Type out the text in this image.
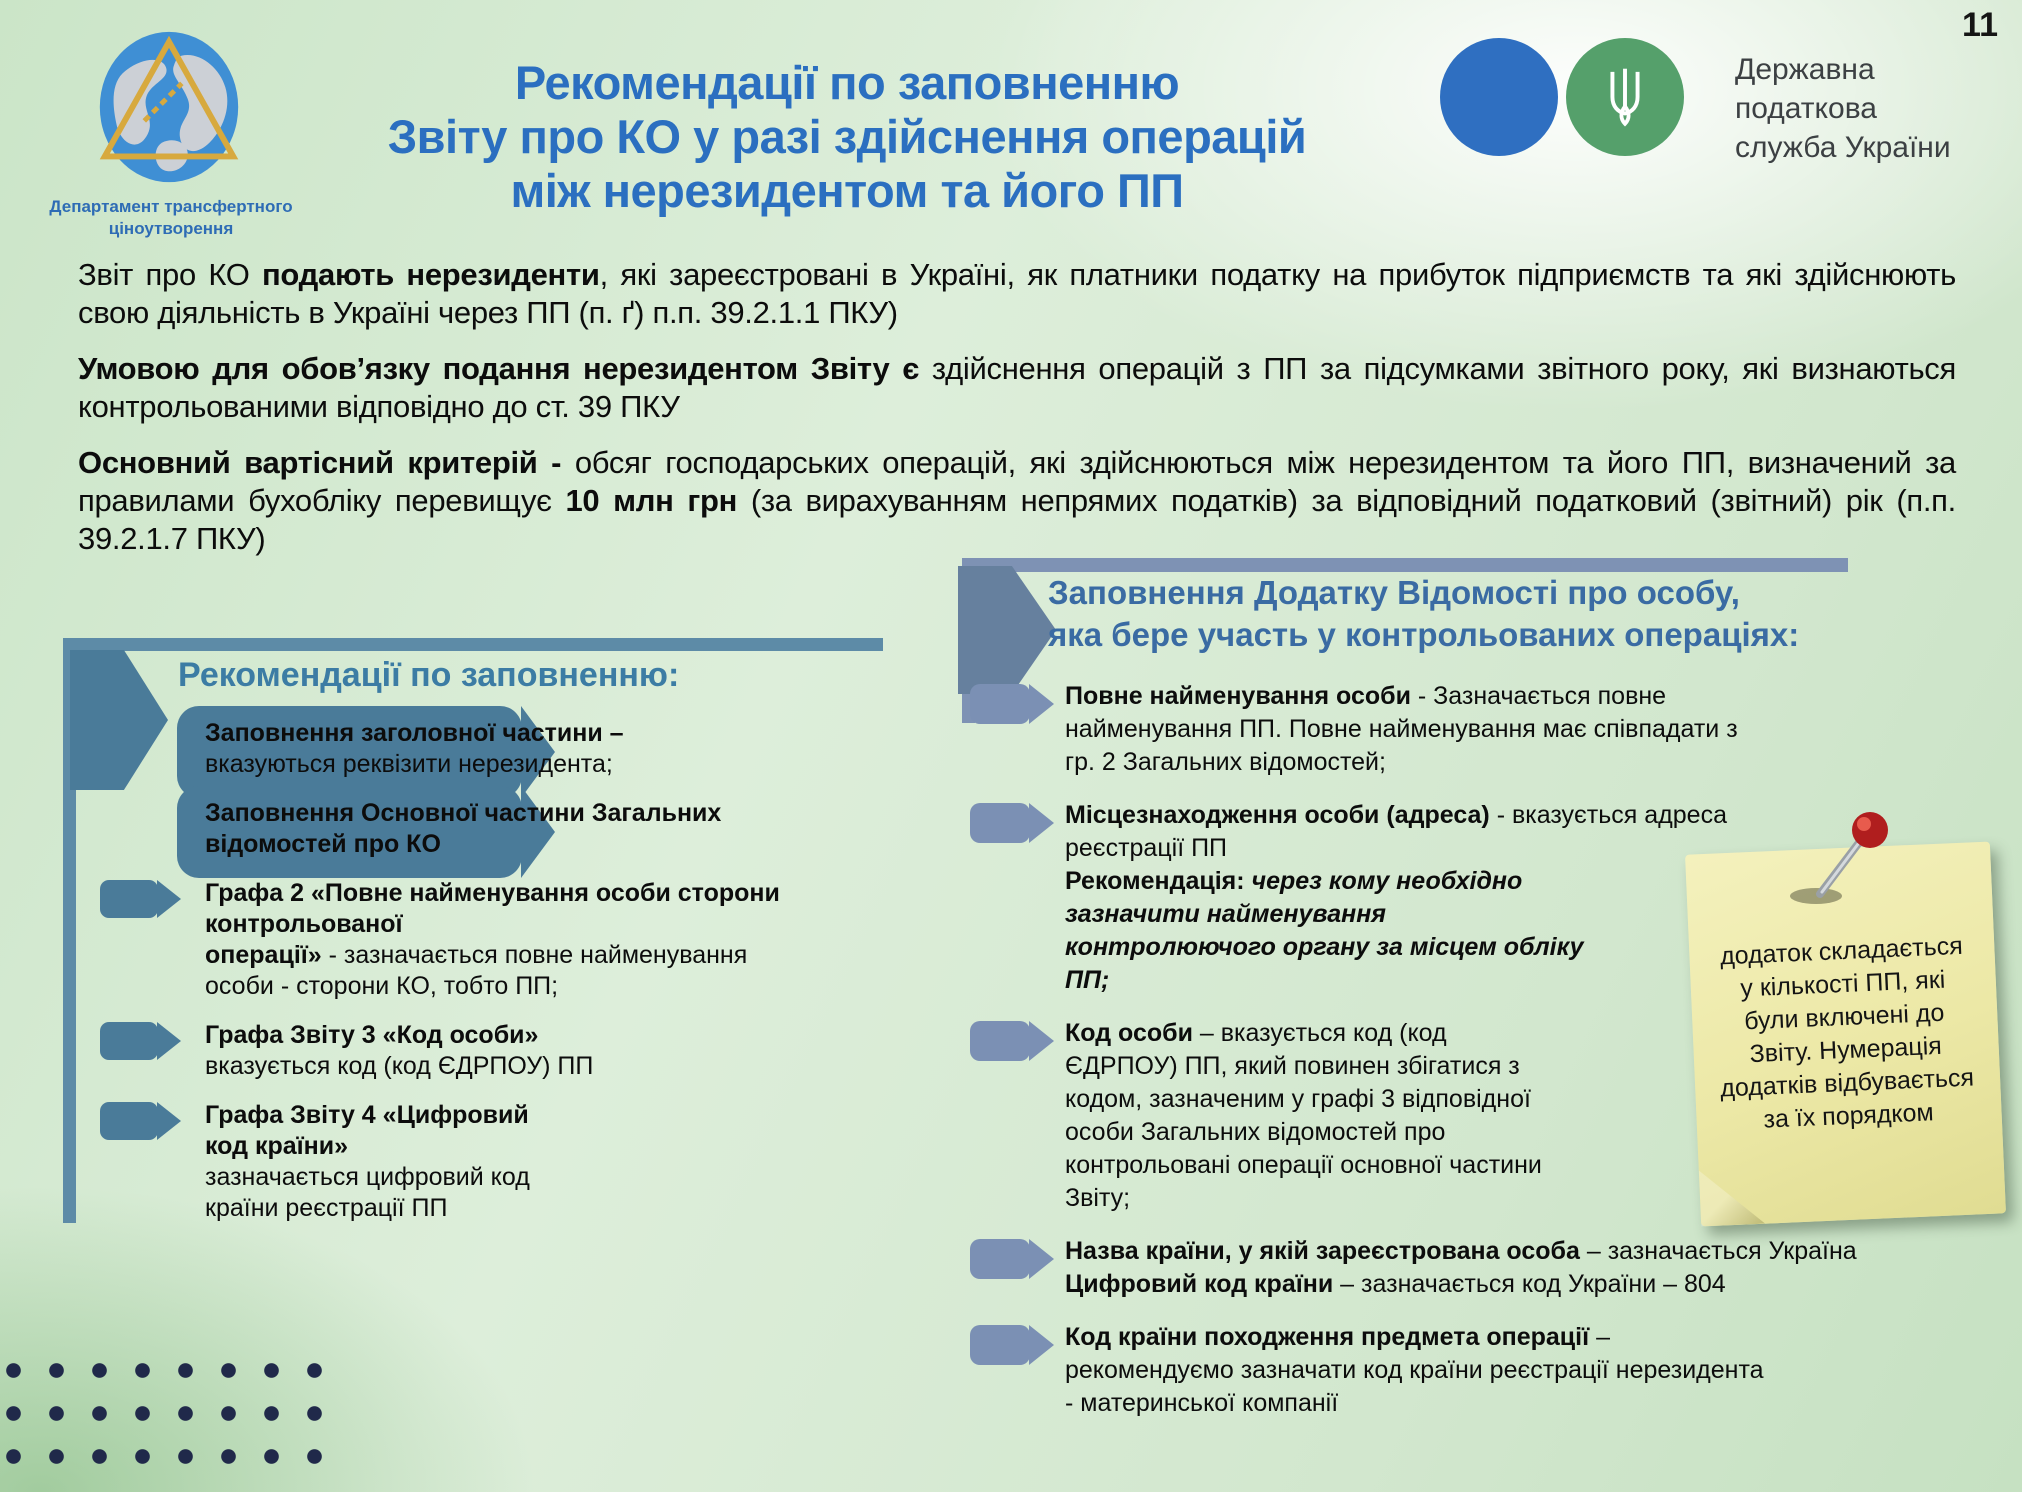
Департамент трансфертного
ціноутворення
Рекомендації по заповненню
Звіту про КО у разі здійснення операцій
між нерезидентом та його ПП
Державна
податкова
служба України
11

Звіт про КО подають нерезиденти, які зареєстровані в Україні, як платники податку на прибуток підприємств та які здійснюють свою діяльність в Україні через ПП (п. ґ) п.п. 39.2.1.1 ПКУ)

Умовою для обов’язку подання нерезидентом Звіту є здійснення операцій з ПП за підсумками звітного року, які визнаються контрольованими відповідно до ст. 39 ПКУ

Основний вартісний критерій - обсяг господарських операцій, які здійснюються між нерезидентом та його ПП, визначений за правилами бухобліку перевищує 10 млн грн (за вирахуванням непрямих податків) за відповідний податковий (звітний) рік (п.п. 39.2.1.7 ПКУ)

Рекомендації по заповненню:

Заповнення заголовної частини –
вказуються реквізити нерезидента;

Заповнення Основної частини Загальних відомостей про КО

Графа 2 «Повне найменування особи сторони
контрольованої
операції» - зазначається повне найменування особи - сторони КО, тобто ПП;

Графа Звіту 3 «Код особи»
вказується код (код ЄДРПОУ) ПП

Графа Звіту 4 «Цифровий
код країни»
зазначається цифровий код
країни реєстрації ПП

Заповнення Додатку Відомості про особу,
яка бере участь у контрольованих операціях:

Повне найменування особи - Зазначається повне найменування ПП. Повне найменування має співпадати з гр. 2 Загальних відомостей;

Місцезнаходження особи (адреса) - вказується адреса реєстрації ПП
Рекомендація: через кому необхідно
зазначити найменування
контролюючого органу за місцем обліку
ПП;

Код особи – вказується код (код ЄДРПОУ) ПП, який повинен збігатися з кодом, зазначеним у графі 3 відповідної особи Загальних відомостей про контрольовані операції основної частини Звіту;

Назва країни, у якій зареєстрована особа – зазначається Україна
Цифровий код країни – зазначається код України – 804

Код країни походження предмета операції – рекомендуємо зазначати код країни реєстрації нерезидента - материнської компанії

додаток складається у кількості ПП, які були включені до Звіту. Нумерація додатків відбувається за їх порядком
